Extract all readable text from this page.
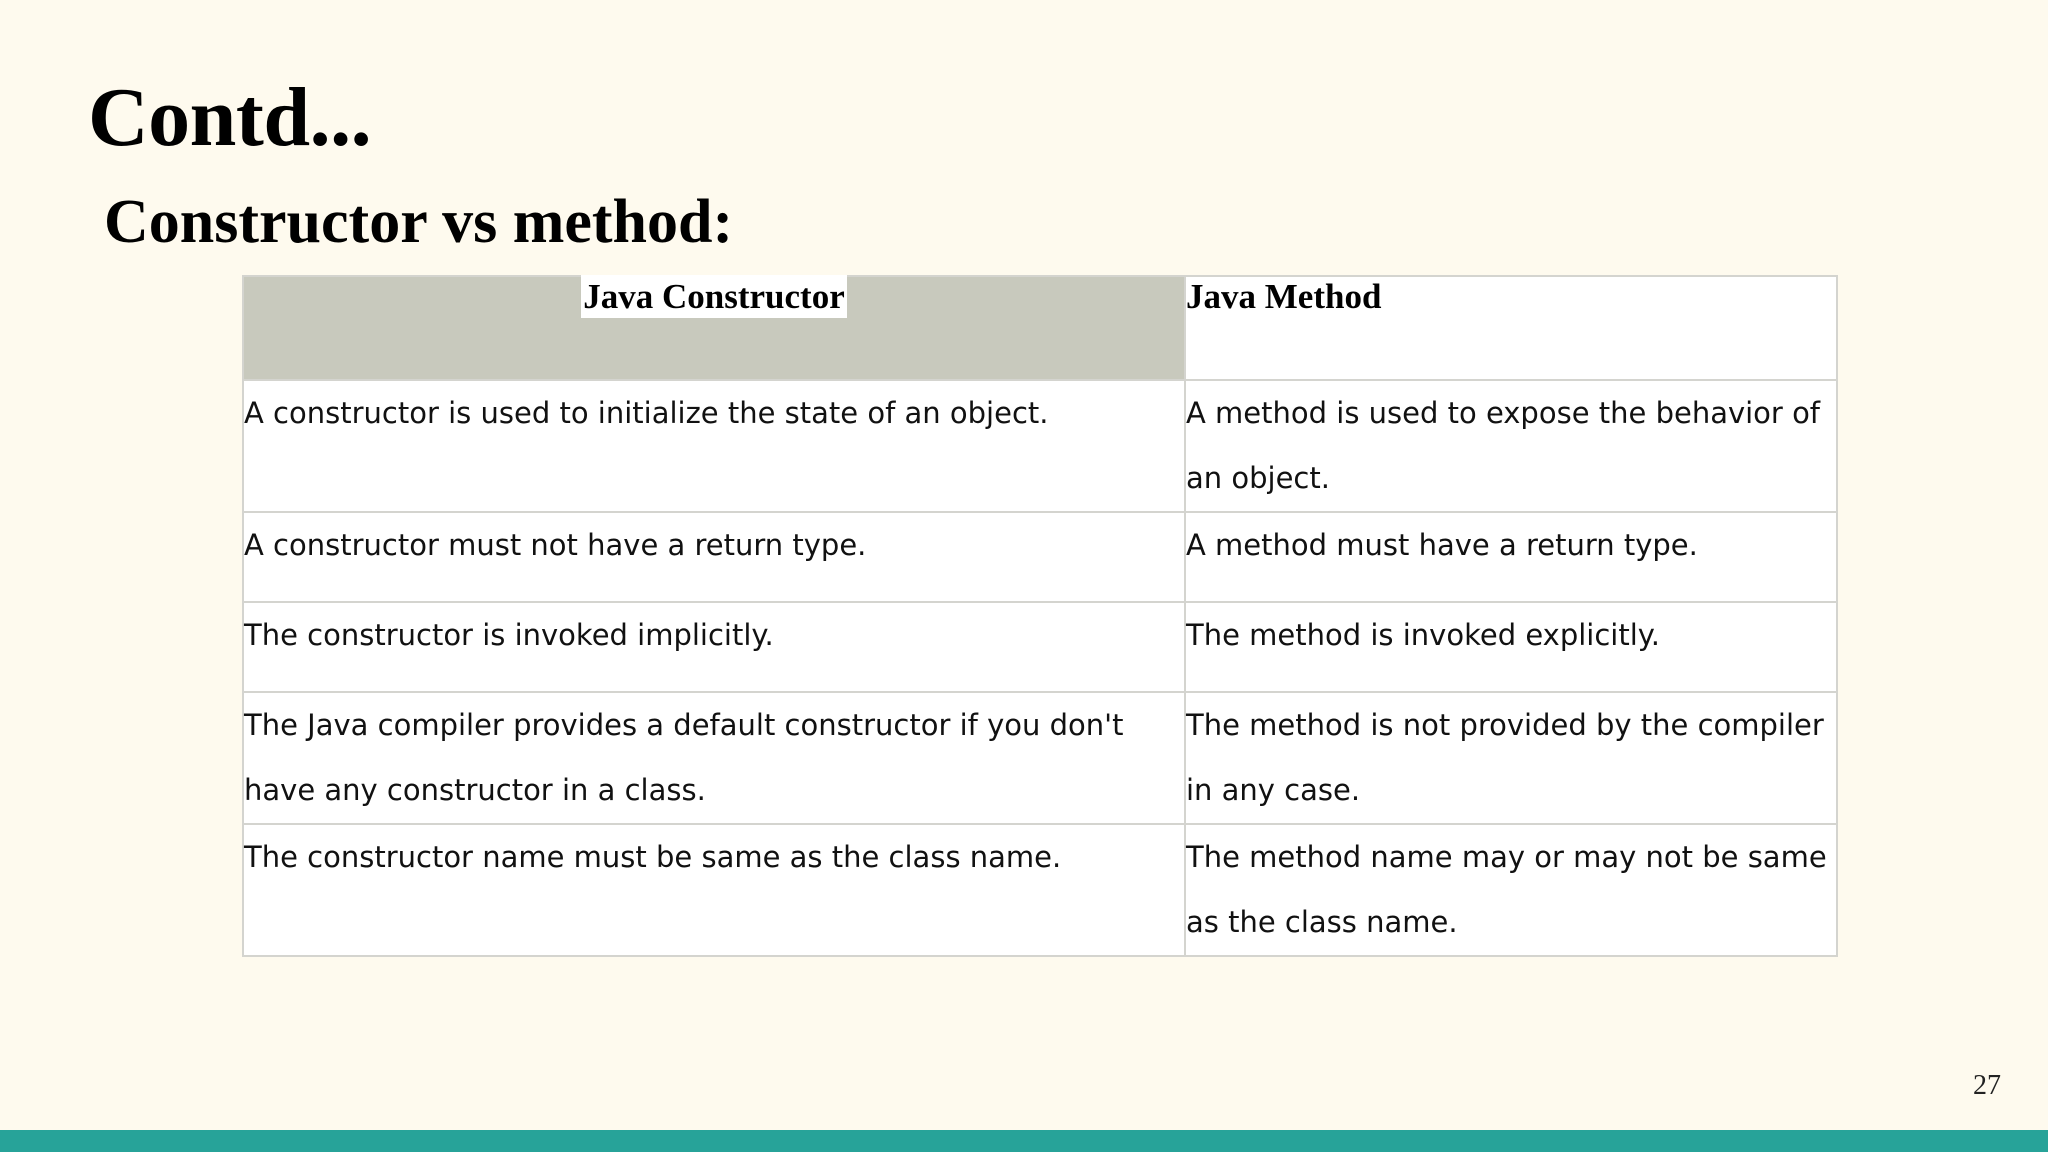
Contd...
Constructor vs method:
Java Constructor	Java Method
A constructor is used to initialize the state of an object.	A method is used to expose the behavior of an object.
A constructor must not have a return type.	A method must have a return type.
The constructor is invoked implicitly.	The method is invoked explicitly.
The Java compiler provides a default constructor if you don't have any constructor in a class.	The method is not provided by the compiler in any case.
The constructor name must be same as the class name.	The method name may or may not be same as the class name.
27
